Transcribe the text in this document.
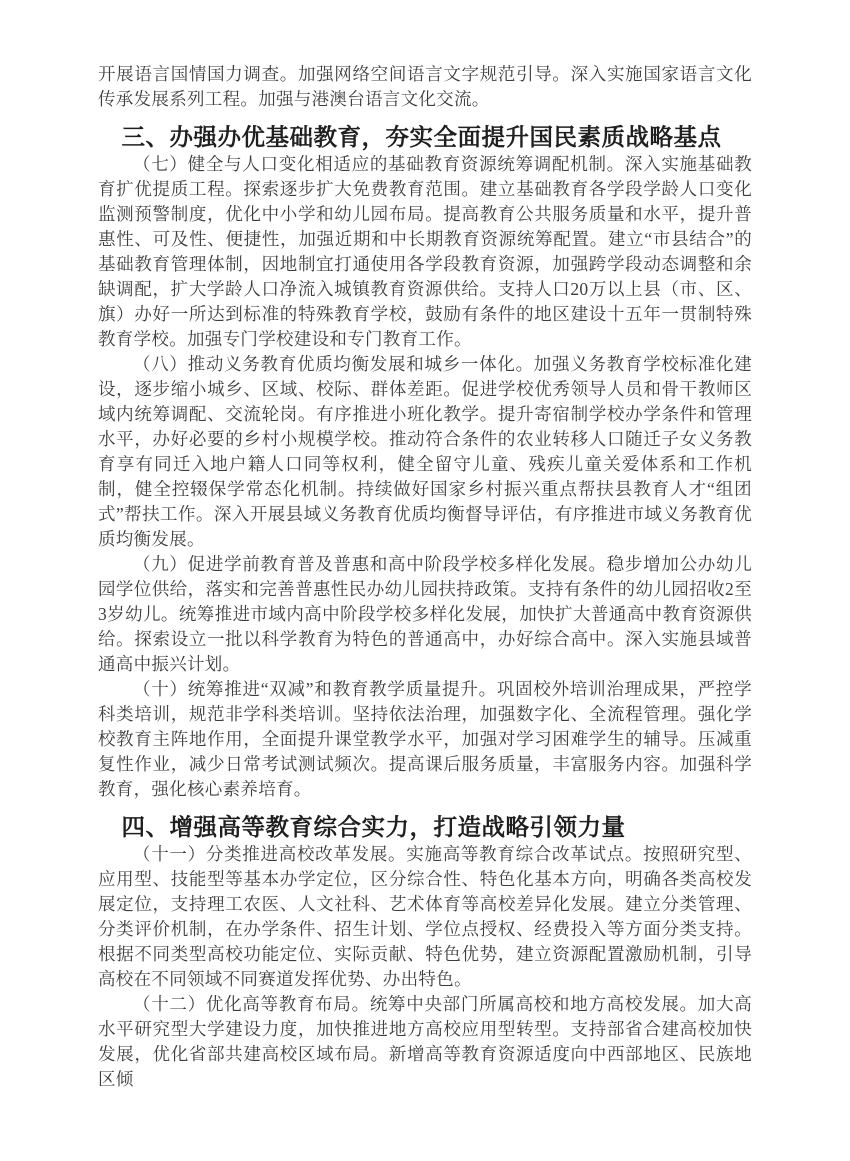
开展语言国情国力调查。加强网络空间语言文字规范引导。深入实施国家语言文化传承发展系列工程。加强与港澳台语言文化交流。

三、办强办优基础教育，夯实全面提升国民素质战略基点

（七）健全与人口变化相适应的基础教育资源统筹调配机制。深入实施基础教育扩优提质工程。探索逐步扩大免费教育范围。建立基础教育各学段学龄人口变化监测预警制度，优化中小学和幼儿园布局。提高教育公共服务质量和水平，提升普惠性、可及性、便捷性，加强近期和中长期教育资源统筹配置。建立“市县结合”的基础教育管理体制，因地制宜打通使用各学段教育资源，加强跨学段动态调整和余缺调配，扩大学龄人口净流入城镇教育资源供给。支持人口20万以上县（市、区、旗）办好一所达到标准的特殊教育学校，鼓励有条件的地区建设十五年一贯制特殊教育学校。加强专门学校建设和专门教育工作。

（八）推动义务教育优质均衡发展和城乡一体化。加强义务教育学校标准化建设，逐步缩小城乡、区域、校际、群体差距。促进学校优秀领导人员和骨干教师区域内统筹调配、交流轮岗。有序推进小班化教学。提升寄宿制学校办学条件和管理水平，办好必要的乡村小规模学校。推动符合条件的农业转移人口随迁子女义务教育享有同迁入地户籍人口同等权利，健全留守儿童、残疾儿童关爱体系和工作机制，健全控辍保学常态化机制。持续做好国家乡村振兴重点帮扶县教育人才“组团式”帮扶工作。深入开展县域义务教育优质均衡督导评估，有序推进市域义务教育优质均衡发展。

（九）促进学前教育普及普惠和高中阶段学校多样化发展。稳步增加公办幼儿园学位供给，落实和完善普惠性民办幼儿园扶持政策。支持有条件的幼儿园招收2至3岁幼儿。统筹推进市域内高中阶段学校多样化发展，加快扩大普通高中教育资源供给。探索设立一批以科学教育为特色的普通高中，办好综合高中。深入实施县域普通高中振兴计划。

（十）统筹推进“双减”和教育教学质量提升。巩固校外培训治理成果，严控学科类培训，规范非学科类培训。坚持依法治理，加强数字化、全流程管理。强化学校教育主阵地作用，全面提升课堂教学水平，加强对学习困难学生的辅导。压减重复性作业，减少日常考试测试频次。提高课后服务质量，丰富服务内容。加强科学教育，强化核心素养培育。

四、增强高等教育综合实力，打造战略引领力量

（十一）分类推进高校改革发展。实施高等教育综合改革试点。按照研究型、应用型、技能型等基本办学定位，区分综合性、特色化基本方向，明确各类高校发展定位，支持理工农医、人文社科、艺术体育等高校差异化发展。建立分类管理、分类评价机制，在办学条件、招生计划、学位点授权、经费投入等方面分类支持。根据不同类型高校功能定位、实际贡献、特色优势，建立资源配置激励机制，引导高校在不同领域不同赛道发挥优势、办出特色。

（十二）优化高等教育布局。统筹中央部门所属高校和地方高校发展。加大高水平研究型大学建设力度，加快推进地方高校应用型转型。支持部省合建高校加快发展，优化省部共建高校区域布局。新增高等教育资源适度向中西部地区、民族地区倾
